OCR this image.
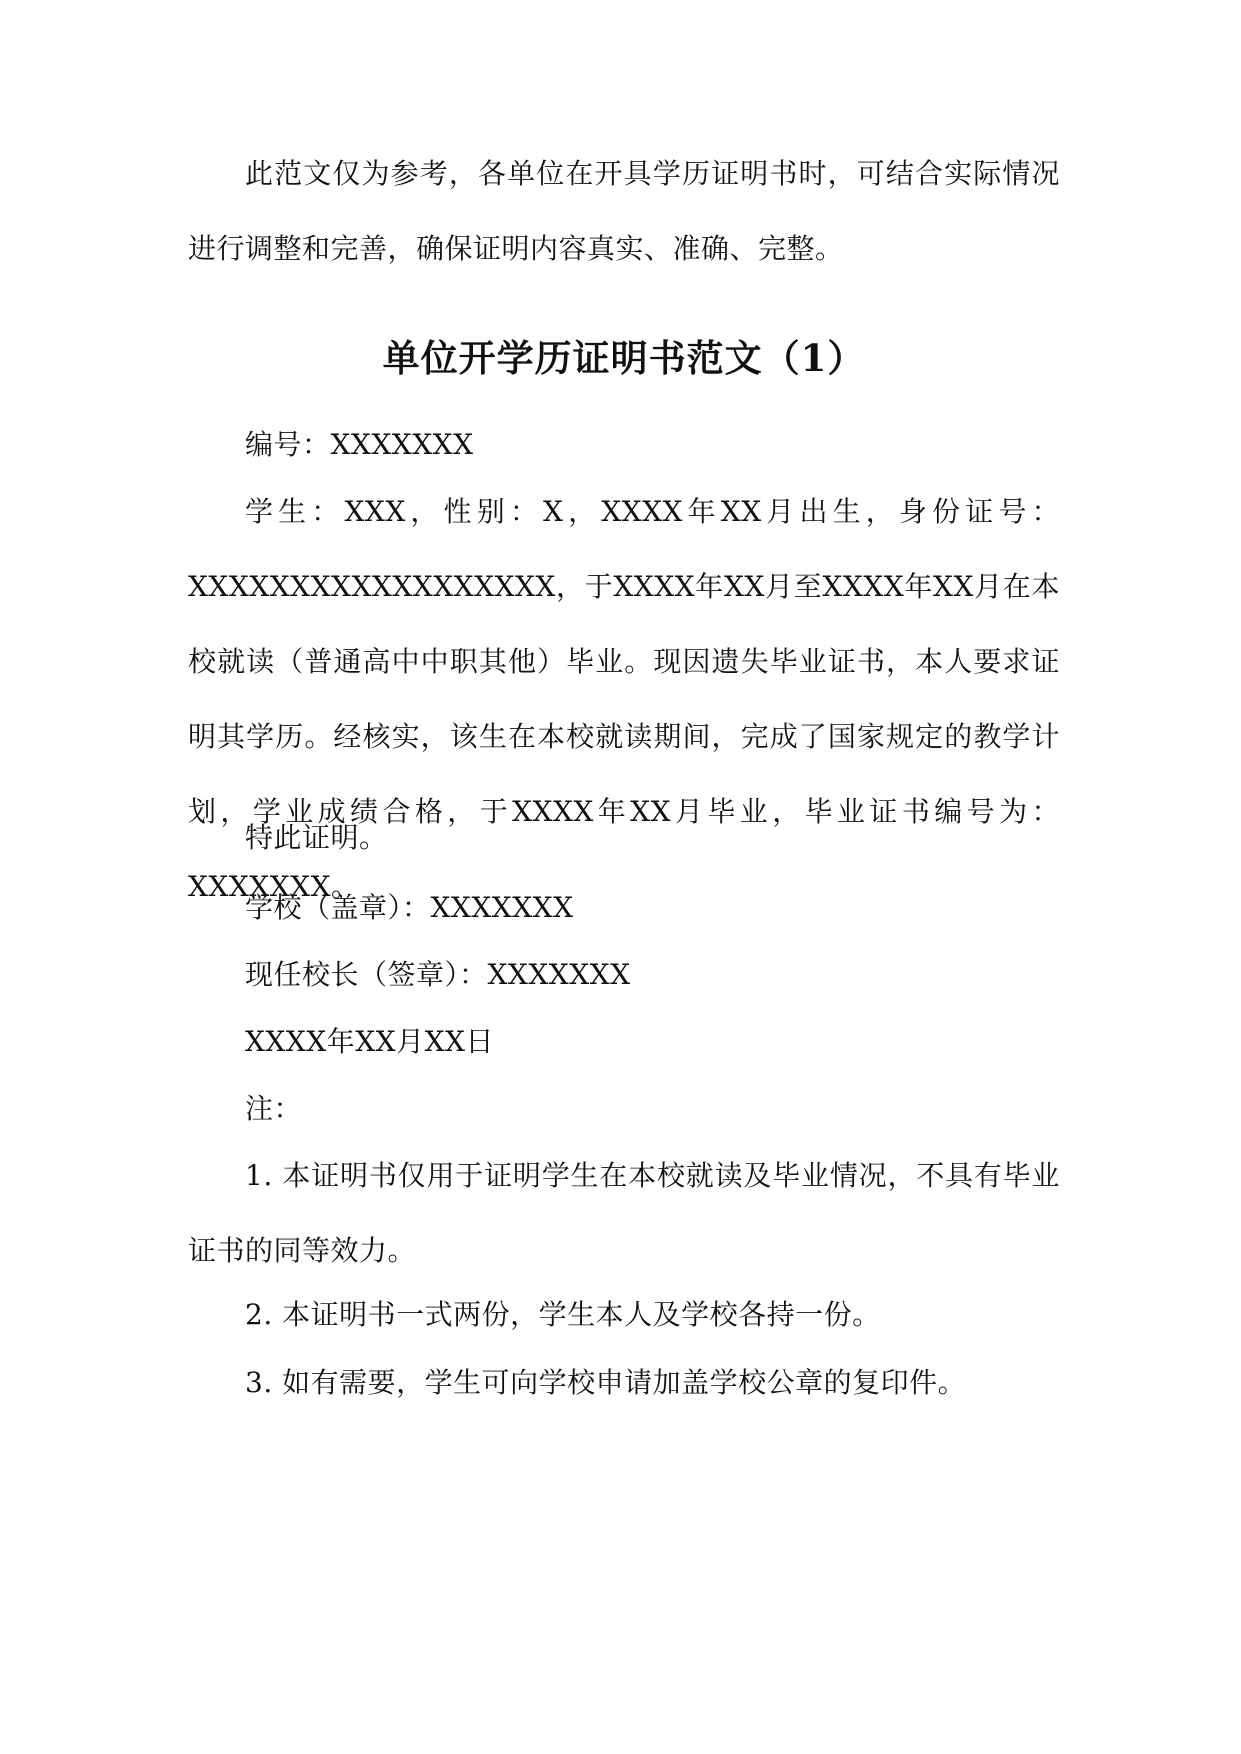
此范文仅为参考，各单位在开具学历证明书时，可结合实际情况进行调整和完善，确保证明内容真实、准确、完整。

单位开学历证明书范文（1）

编号：XXXXXXX

学生：XXX，性别：X，XXXX年XX月出生，身份证号：XXXXXXXXXXXXXXXXXX，于XXXX年XX月至XXXX年XX月在本校就读（普通高中中职其他）毕业。现因遗失毕业证书，本人要求证明其学历。经核实，该生在本校就读期间，完成了国家规定的教学计划，学业成绩合格，于XXXX年XX月毕业，毕业证书编号为：XXXXXXX。

特此证明。

学校（盖章）：XXXXXXX

现任校长（签章）：XXXXXXX

XXXX年XX月XX日

注：

1. 本证明书仅用于证明学生在本校就读及毕业情况，不具有毕业证书的同等效力。

2. 本证明书一式两份，学生本人及学校各持一份。

3. 如有需要，学生可向学校申请加盖学校公章的复印件。
